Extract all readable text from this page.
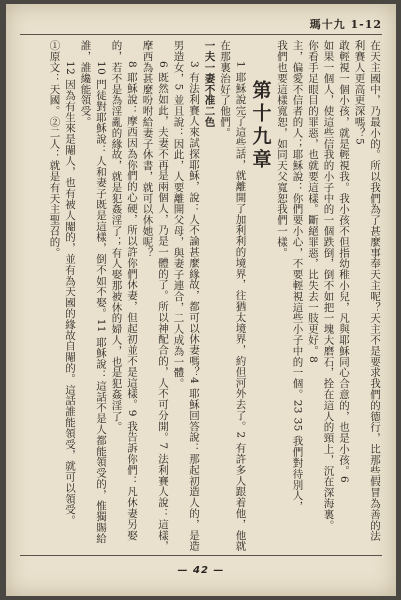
瑪十九 1-12

在天主國中，乃最小的。所以我們為了甚麼事奉天主呢？天主不是要求我們的德行，比那些假冒為善的法利賽人更高更深嗎？5

敢輕視一個小孩，就是輕視我。我小孩不但指幼稚小兒，凡與耶穌同心合意的，也是小孩。6

如果一個人，使這些信我的小子中的一個跌倒，倒不如把一塊大磨石，拴在這人的頸上，沉在深海裏。

你看手足眼目的罪惡，也就要這樣。斷絕罪惡，比失去一肢更好。8

主，偏愛不信者的人；耶穌說：你們要小心，不要輕視這些小子中的一個。23 35 我們對待別人，

我們也要這樣寬恕，如同天父寬恕我們一樣。

第十九章

1 耶穌說完了這些話，就離開了加利利的境界，往猶太境界，約但河外去了。2 有許多人跟着他，他就在那裏治好了他們。

一夫一妻不准二色

3 有法利賽人來試探耶穌，說：人不論甚麼緣故，都可以休妻嗎？4 耶穌回答說：那起初造人的，是造男造女，5 並且說：因此，人要離開父母，與妻子連合，二人成為一體。

6 既然如此，夫妻不再是兩個人，乃是一體的了。所以神配合的，人不可分開。7 法利賽人說：這樣，摩西為甚麼吩咐給妻子休書，就可以休她呢？

8 耶穌說：摩西因為你們的心硬，所以許你們休妻，但起初並不是這樣。9 我告訴你們：凡休妻另娶的，若不是為淫亂的緣故，就是犯姦淫了；有人娶那被休的婦人，也是犯姦淫了。

10 門徒對耶穌說：人和妻子既是這樣，倒不如不娶。11 耶穌說：這話不是人都能領受的，惟獨賜給誰，誰纔能領受。

12 因為有生來是閹人，也有被人閹的，並有為天國的緣故自閹的。這話誰能領受，就可以領受。

①原文：天國。②二人：就是有天主聖召的。

— 42 —
